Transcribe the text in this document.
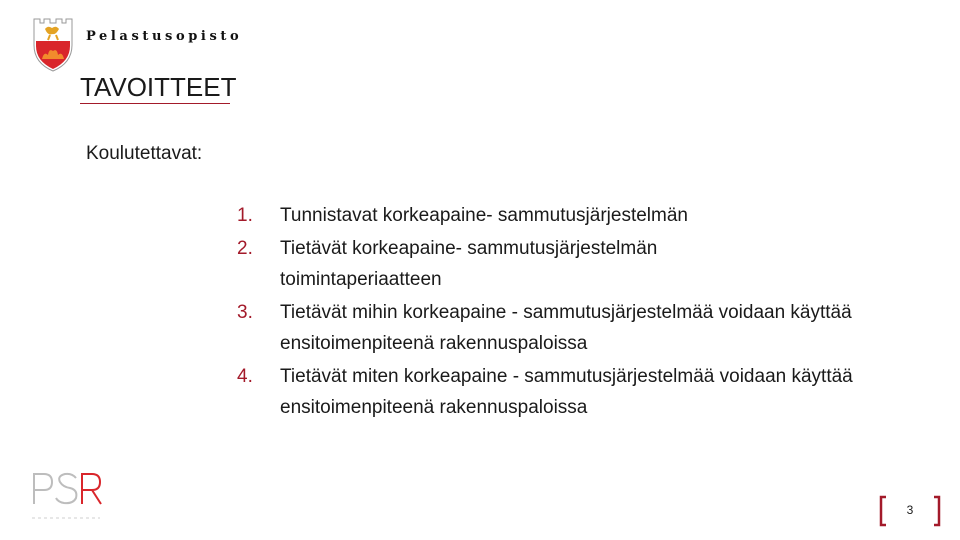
Pelastusopisto
TAVOITTEET
Koulutettavat:
1. Tunnistavat korkeapaine- sammutusjärjestelmän
2. Tietävät korkeapaine- sammutusjärjestelmän toimintaperiaatteen
3. Tietävät mihin korkeapaine - sammutusjärjestelmää voidaan käyttää ensitoimenpiteenä rakennuspaloissa
4. Tietävät miten korkeapaine - sammutusjärjestelmää voidaan käyttää ensitoimenpiteenä rakennuspaloissa
3
